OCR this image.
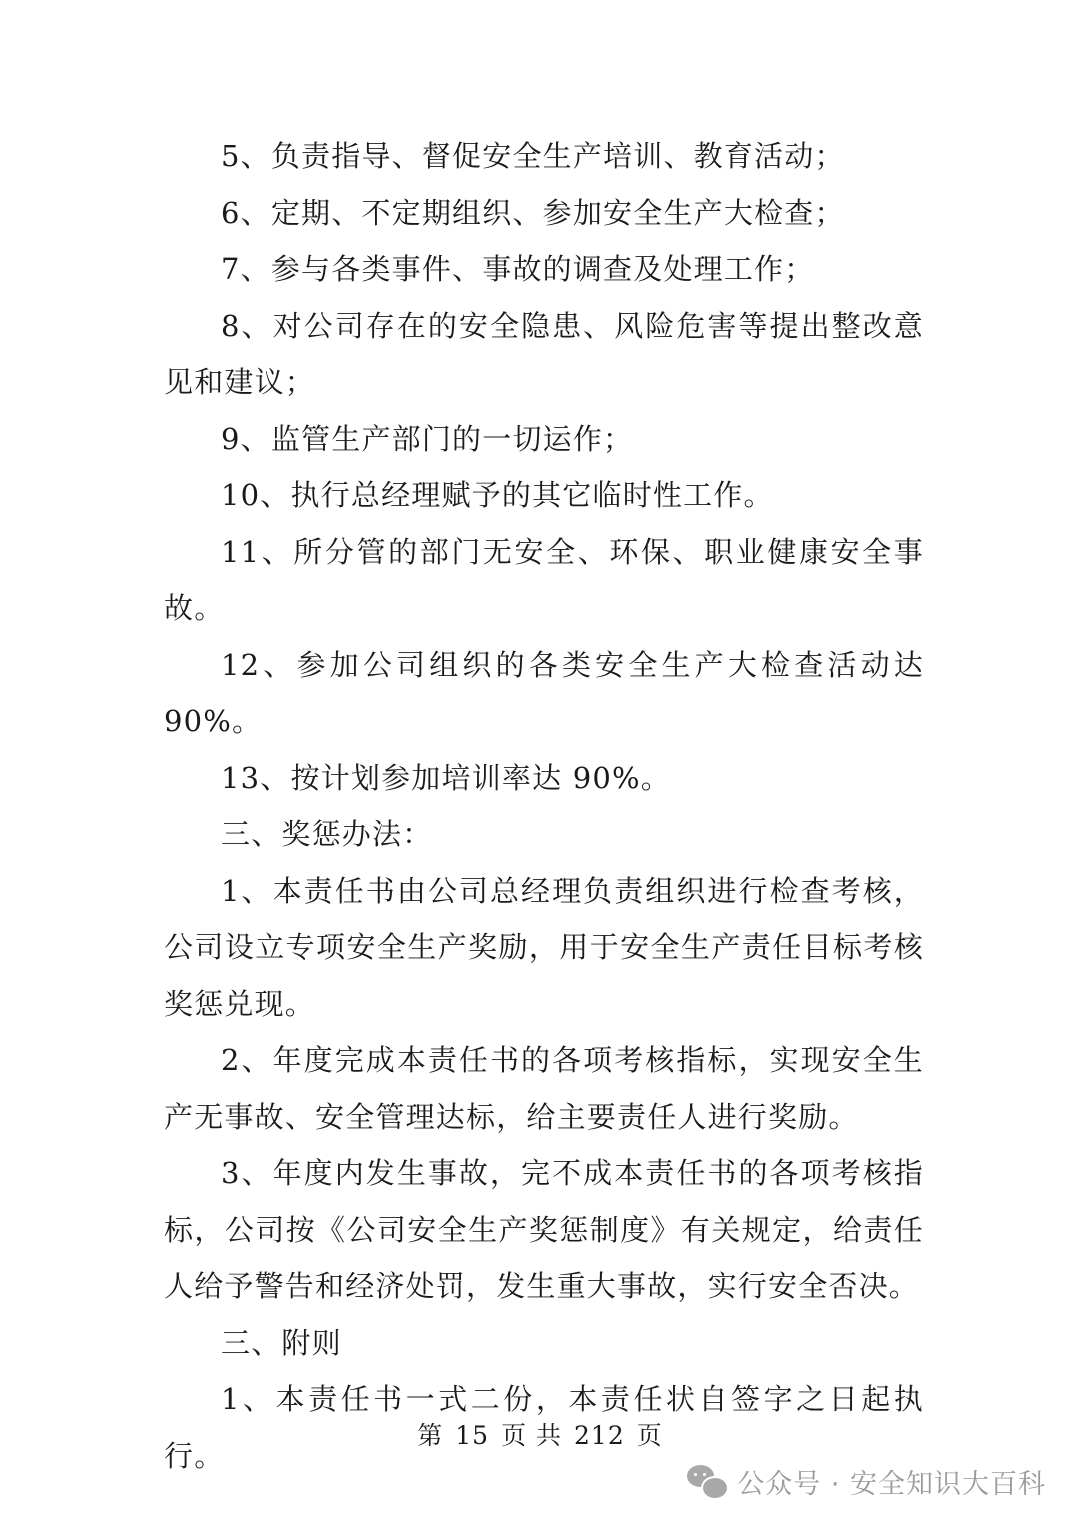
5、负责指导、督促安全生产培训、教育活动；

6、定期、不定期组织、参加安全生产大检查；

7、参与各类事件、事故的调查及处理工作；

8、对公司存在的安全隐患、风险危害等提出整改意见和建议；

9、监管生产部门的一切运作；

10、执行总经理赋予的其它临时性工作。

11、所分管的部门无安全、环保、职业健康安全事故。

12、参加公司组织的各类安全生产大检查活动达 90%。

13、按计划参加培训率达 90%。

三、奖惩办法：

1、本责任书由公司总经理负责组织进行检查考核，公司设立专项安全生产奖励，用于安全生产责任目标考核奖惩兑现。

2、年度完成本责任书的各项考核指标，实现安全生产无事故、安全管理达标，给主要责任人进行奖励。

3、年度内发生事故，完不成本责任书的各项考核指标，公司按《公司安全生产奖惩制度》有关规定，给责任人给予警告和经济处罚，发生重大事故，实行安全否决。

三、附则

1、本责任书一式二份，本责任状自签字之日起执行。

第 15 页 共 212 页
公众号 · 安全知识大百科
